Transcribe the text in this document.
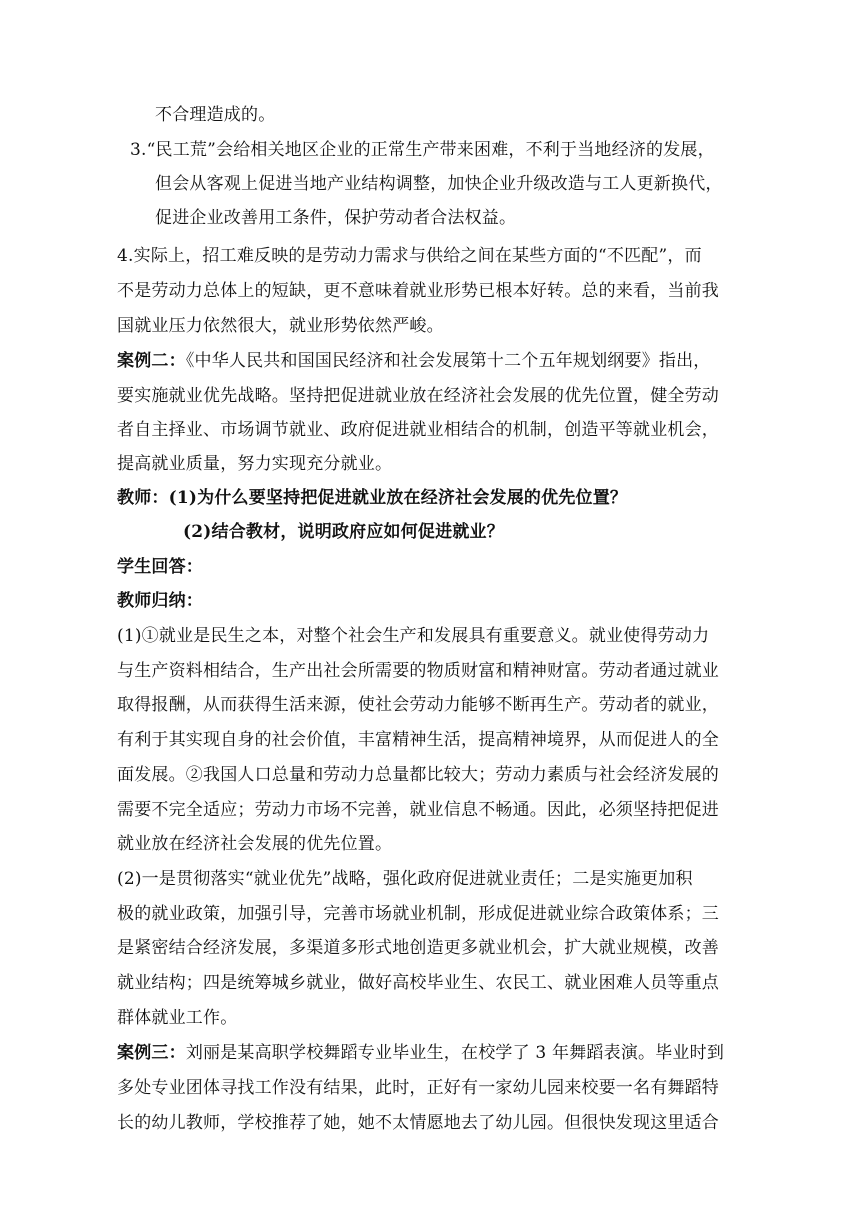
不合理造成的。
3.“民工荒”会给相关地区企业的正常生产带来困难，不利于当地经济的发展，
但会从客观上促进当地产业结构调整，加快企业升级改造与工人更新换代，
促进企业改善用工条件，保护劳动者合法权益。
4.实际上，招工难反映的是劳动力需求与供给之间在某些方面的“不匹配”，而
不是劳动力总体上的短缺，更不意味着就业形势已根本好转。总的来看，当前我
国就业压力依然很大，就业形势依然严峻。
案例二：《中华人民共和国国民经济和社会发展第十二个五年规划纲要》指出，
要实施就业优先战略。坚持把促进就业放在经济社会发展的优先位置，健全劳动
者自主择业、市场调节就业、政府促进就业相结合的机制，创造平等就业机会，
提高就业质量，努力实现充分就业。
教师：(1)为什么要坚持把促进就业放在经济社会发展的优先位置？
(2)结合教材，说明政府应如何促进就业？
学生回答：
教师归纳：
(1)①就业是民生之本，对整个社会生产和发展具有重要意义。就业使得劳动力
与生产资料相结合，生产出社会所需要的物质财富和精神财富。劳动者通过就业
取得报酬，从而获得生活来源，使社会劳动力能够不断再生产。劳动者的就业，
有利于其实现自身的社会价值，丰富精神生活，提高精神境界，从而促进人的全
面发展。②我国人口总量和劳动力总量都比较大；劳动力素质与社会经济发展的
需要不完全适应；劳动力市场不完善，就业信息不畅通。因此，必须坚持把促进
就业放在经济社会发展的优先位置。
(2)一是贯彻落实“就业优先”战略，强化政府促进就业责任；二是实施更加积
极的就业政策，加强引导，完善市场就业机制，形成促进就业综合政策体系；三
是紧密结合经济发展，多渠道多形式地创造更多就业机会，扩大就业规模，改善
就业结构；四是统筹城乡就业，做好高校毕业生、农民工、就业困难人员等重点
群体就业工作。
案例三：刘丽是某高职学校舞蹈专业毕业生，在校学了 3 年舞蹈表演。毕业时到
多处专业团体寻找工作没有结果，此时，正好有一家幼儿园来校要一名有舞蹈特
长的幼儿教师，学校推荐了她，她不太情愿地去了幼儿园。但很快发现这里适合
